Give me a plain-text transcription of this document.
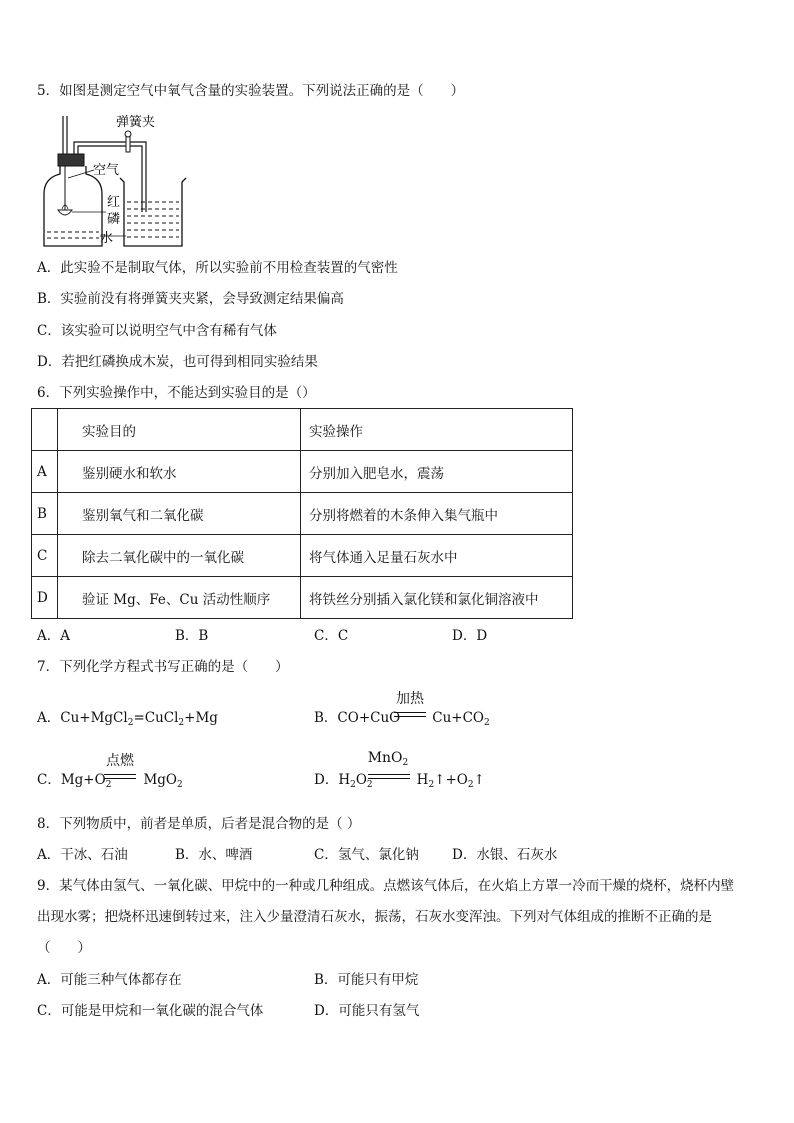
5．如图是测定空气中氧气含量的实验装置。下列说法正确的是（　　）
弹簧夹
空气
红
磷
水
A．此实验不是制取气体，所以实验前不用检查装置的气密性
B．实验前没有将弹簧夹夹紧，会导致测定结果偏高
C．该实验可以说明空气中含有稀有气体
D．若把红磷换成木炭，也可得到相同实验结果
6．下列实验操作中，不能达到实验目的是（）
	实验目的	实验操作
A	鉴别硬水和软水	分别加入肥皂水，震荡
B	鉴别氧气和二氧化碳	分别将燃着的木条伸入集气瓶中
C	除去二氧化碳中的一氧化碳	将气体通入足量石灰水中
D	验证 Mg、Fe、Cu 活动性顺序	将铁丝分别插入氯化镁和氯化铜溶液中
A．A	B．B	C．C	D．D
7．下列化学方程式书写正确的是（　　）
A．Cu+MgCl$_2$=CuCl$_2$+Mg	B．CO+CuO $Cu+CO_2$
加热
C．$Mg+O_2$ MgO$_2$
点燃
D．$H_2O_2$	$H_2↑+O_2↑$
MnO$_2$
8．下列物质中，前者是单质，后者是混合物的是（ ）
A．干冰、石油	B．水、啤酒	C．氢气、氯化钠 D．水银、石灰水
9．某气体由氢气、一氧化碳、甲烷中的一种或几种组成。点燃该气体后，在火焰上方罩一冷而干燥的烧杯，烧杯内壁
出现水雾；把烧杯迅速倒转过来，注入少量澄清石灰水，振荡，石灰水变浑浊。下列对气体组成的推断不正确的是
（　　）
A．可能三种气体都存在	B．可能只有甲烷
C．可能是甲烷和一氧化碳的混合气体	D．可能只有氢气
